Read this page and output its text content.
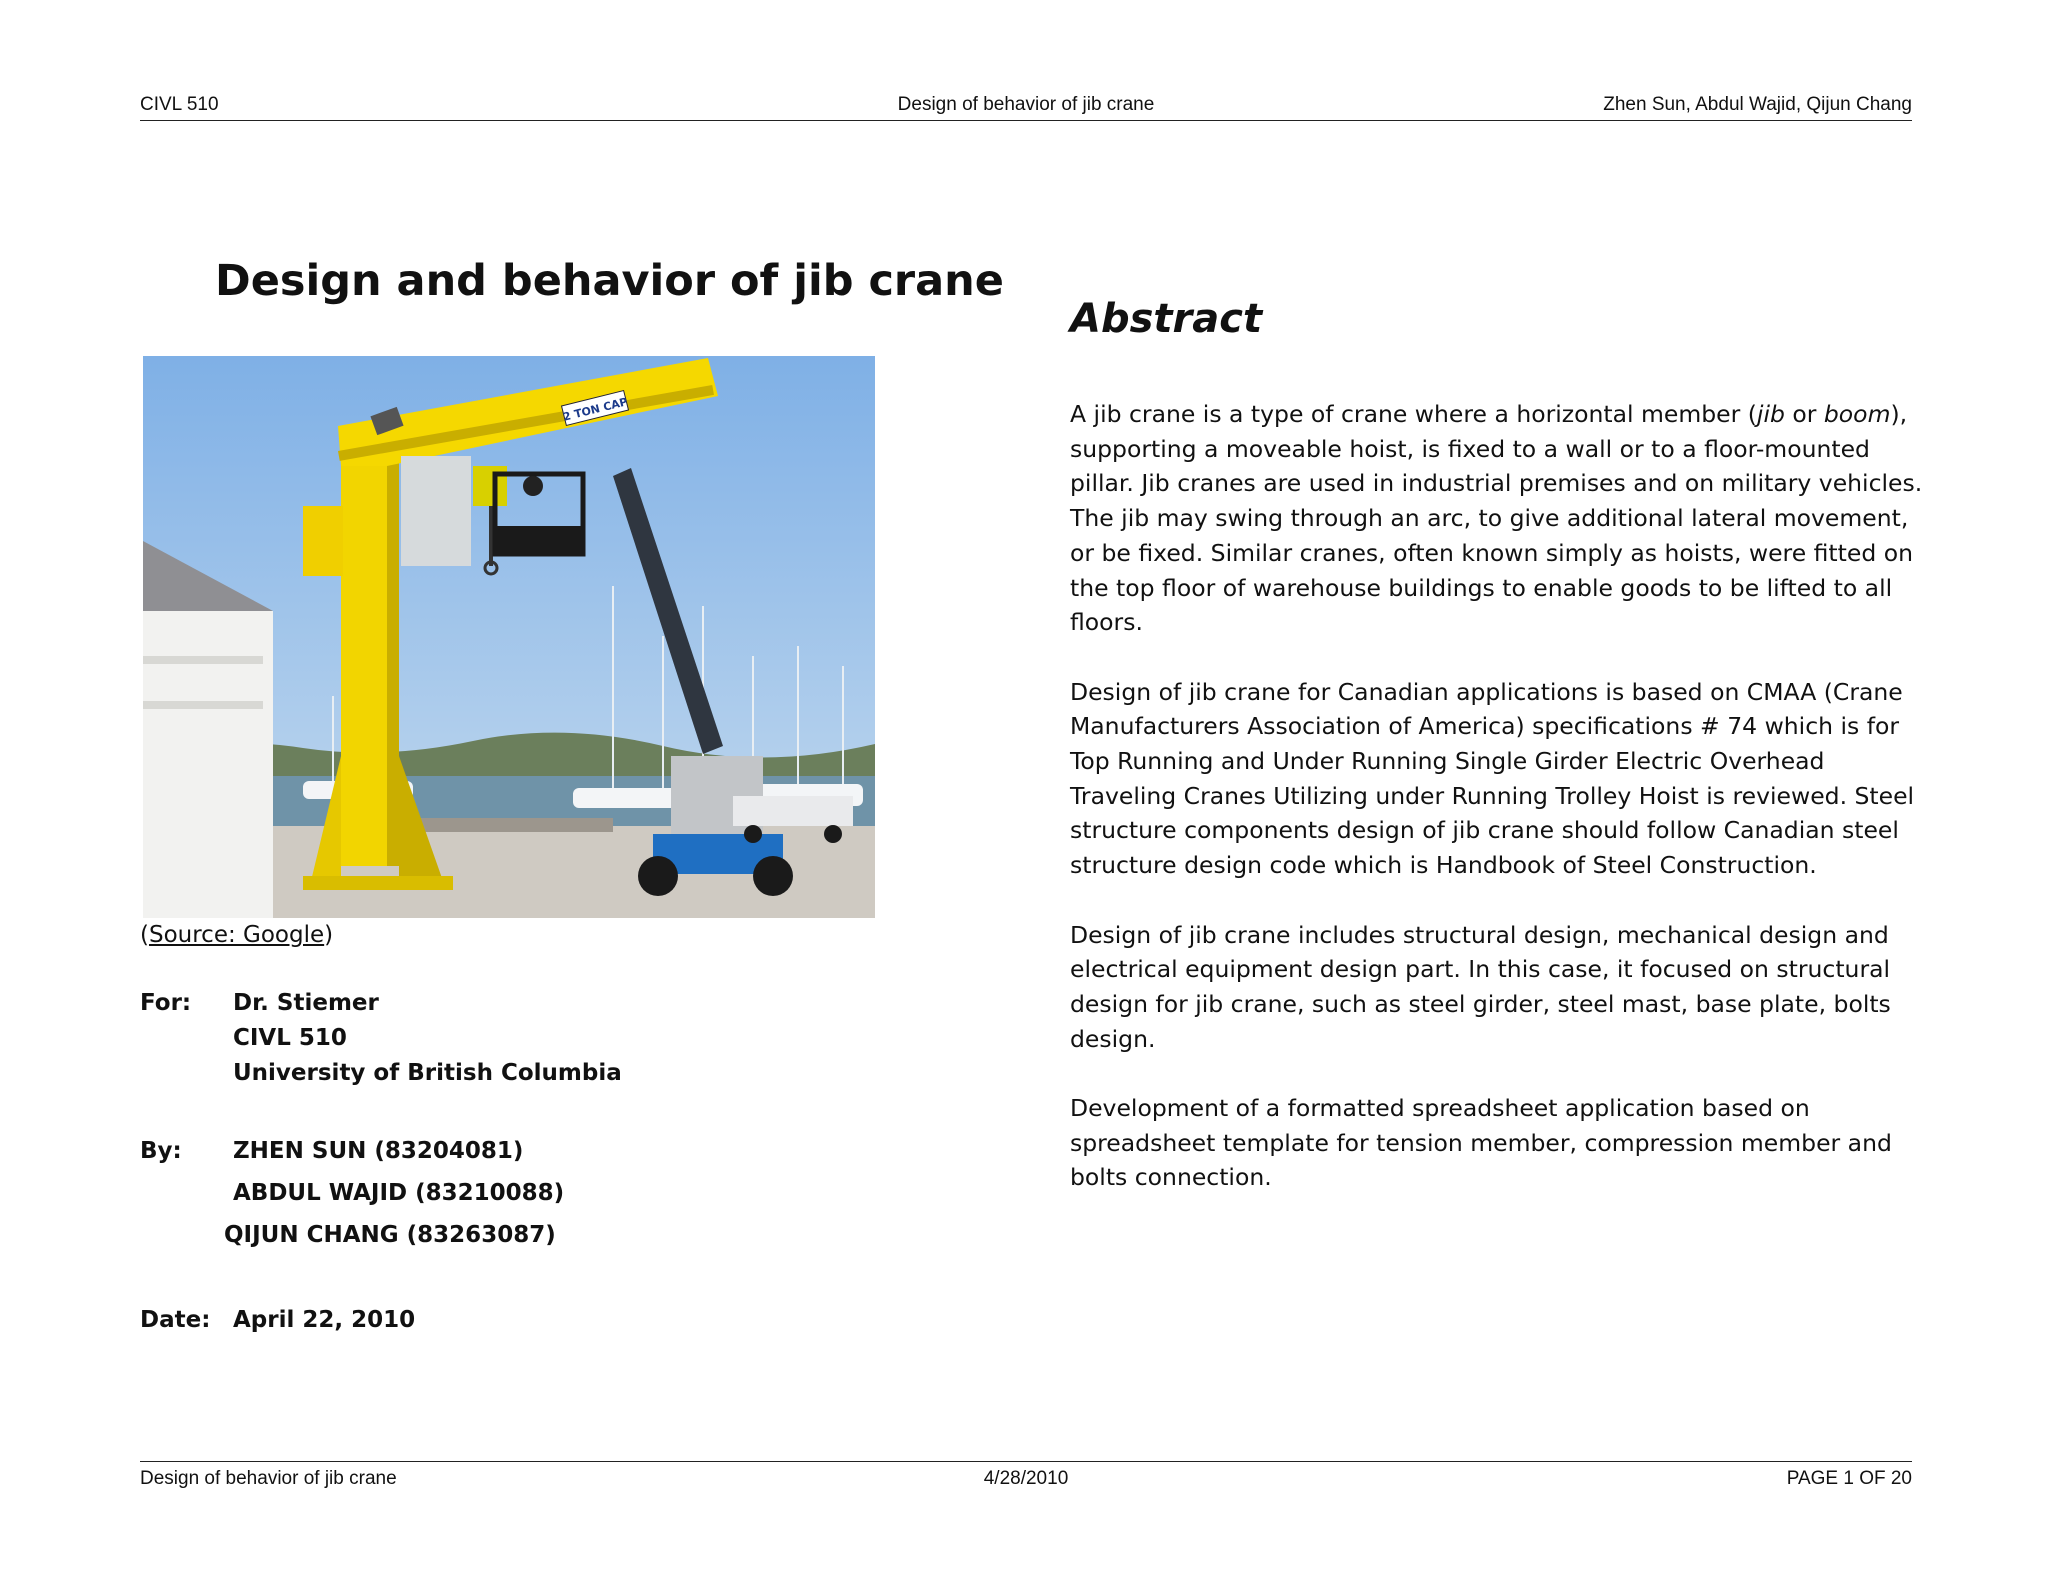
CIVL 510	Design of behavior of jib crane	Zhen Sun, Abdul Wajid, Qijun Chang
Design and behavior of jib crane
2 TON CAP
(Source: Google)
For: Dr. Stiemer
CIVL 510
University of British Columbia
By: ZHEN SUN (83204081)
ABDUL WAJID (83210088)
QIJUN CHANG (83263087)
Date: April 22, 2010
Abstract

A jib crane is a type of crane where a horizontal member (jib or boom), supporting a moveable hoist, is fixed to a wall or to a floor-mounted pillar. Jib cranes are used in industrial premises and on military vehicles. The jib may swing through an arc, to give additional lateral movement, or be fixed. Similar cranes, often known simply as hoists, were fitted on the top floor of warehouse buildings to enable goods to be lifted to all floors.

Design of jib crane for Canadian applications is based on CMAA (Crane Manufacturers Association of America) specifications # 74 which is for Top Running and Under Running Single Girder Electric Overhead Traveling Cranes Utilizing under Running Trolley Hoist is reviewed. Steel structure components design of jib crane should follow Canadian steel structure design code which is Handbook of Steel Construction.

Design of jib crane includes structural design, mechanical design and electrical equipment design part. In this case, it focused on structural design for jib crane, such as steel girder, steel mast, base plate, bolts design.

Development of a formatted spreadsheet application based on spreadsheet template for tension member, compression member and bolts connection.

Design of behavior of jib crane	4/28/2010	PAGE 1 OF 20
